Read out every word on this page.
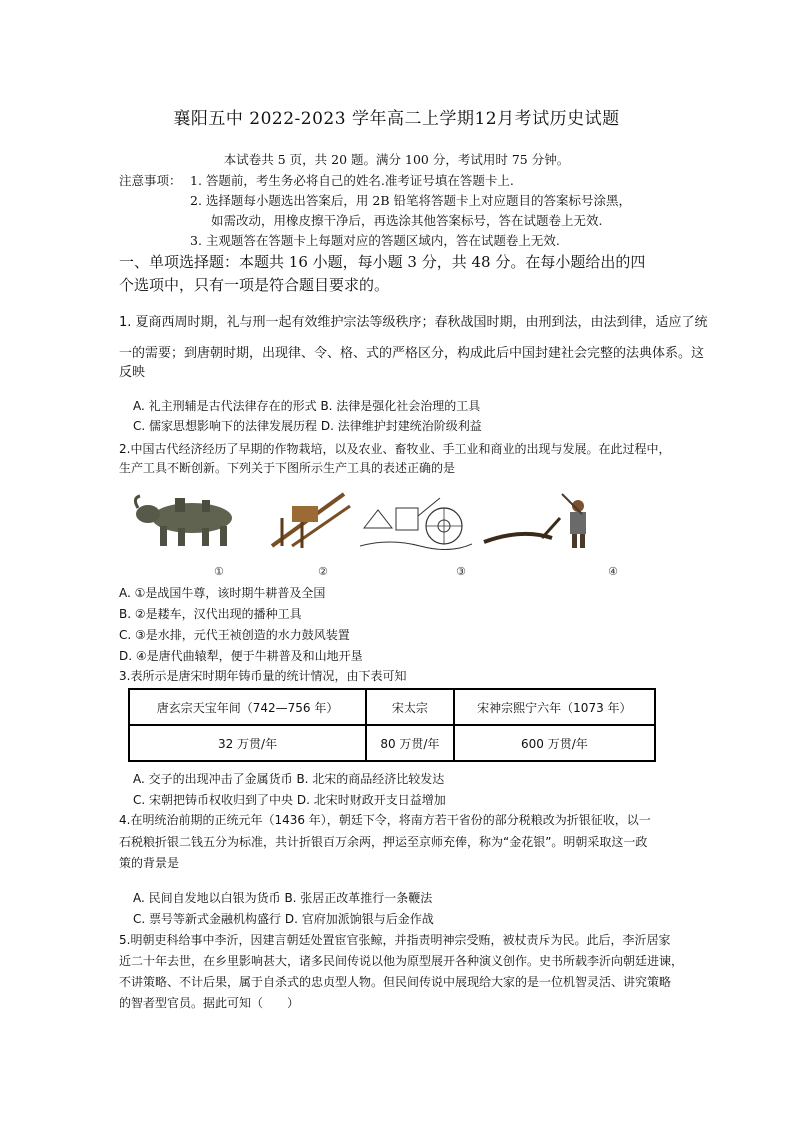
襄阳五中 2022-2023 学年高二上学期12月考试历史试题
本试卷共 5 页，共 20 题。满分 100 分，考试用时 75 分钟。
注意事项： 1. 答题前，考生务必将自己的姓名.准考证号填在答题卡上.
2. 选择题每小题选出答案后，用 2B 铅笔将答题卡上对应题目的答案标号涂黑，
如需改动，用橡皮擦干净后，再选涂其他答案标号，答在试题卷上无效.
3. 主观题答在答题卡上每题对应的答题区域内，答在试题卷上无效.
一、单项选择题：本题共 16 小题，每小题 3 分，共 48 分。在每小题给出的四
个选项中，只有一项是符合题目要求的。
1. 夏商西周时期，礼与刑一起有效维护宗法等级秩序；春秋战国时期，由刑到法，由法到律，适应了统
一的需要；到唐朝时期，出现律、令、格、式的严格区分，构成此后中国封建社会完整的法典体系。这
反映
A. 礼主刑辅是古代法律存在的形式 B. 法律是强化社会治理的工具
C. 儒家思想影响下的法律发展历程 D. 法律维护封建统治阶级利益
2.中国古代经济经历了早期的作物栽培，以及农业、畜牧业、手工业和商业的出现与发展。在此过程中，
生产工具不断创新。下列关于下图所示生产工具的表述正确的是
①	②	③	④
A. ①是战国牛尊，该时期牛耕普及全国
B. ②是耧车，汉代出现的播种工具
C. ③是水排，元代王祯创造的水力鼓风装置
D. ④是唐代曲辕犁，便于牛耕普及和山地开垦
3.表所示是唐宋时期年铸币量的统计情况，由下表可知
唐玄宗天宝年间（742—756 年）	宋太宗	宋神宗熙宁六年（1073 年）
32 万贯/年	80 万贯/年	600 万贯/年
A. 交子的出现冲击了金属货币 B. 北宋的商品经济比较发达
C. 宋朝把铸币权收归到了中央 D. 北宋时财政开支日益增加
4.在明统治前期的正统元年（1436 年），朝廷下令，将南方若干省份的部分税粮改为折银征收，以一
石税粮折银二钱五分为标准，共计折银百万余两，押运至京师充俸，称为“金花银”。明朝采取这一政
策的背景是
A. 民间自发地以白银为货币 B. 张居正改革推行一条鞭法
C. 票号等新式金融机构盛行 D. 官府加派饷银与后金作战
5.明朝吏科给事中李沂，因建言朝廷处置宦官张鲸，并指责明神宗受贿，被杖责斥为民。此后，李沂居家
近二十年去世，在乡里影响甚大，诸多民间传说以他为原型展开各种演义创作。史书所载李沂向朝廷进谏，
不讲策略、不计后果，属于自杀式的忠贞型人物。但民间传说中展现给大家的是一位机智灵活、讲究策略
的智者型官员。据此可知（　　）
